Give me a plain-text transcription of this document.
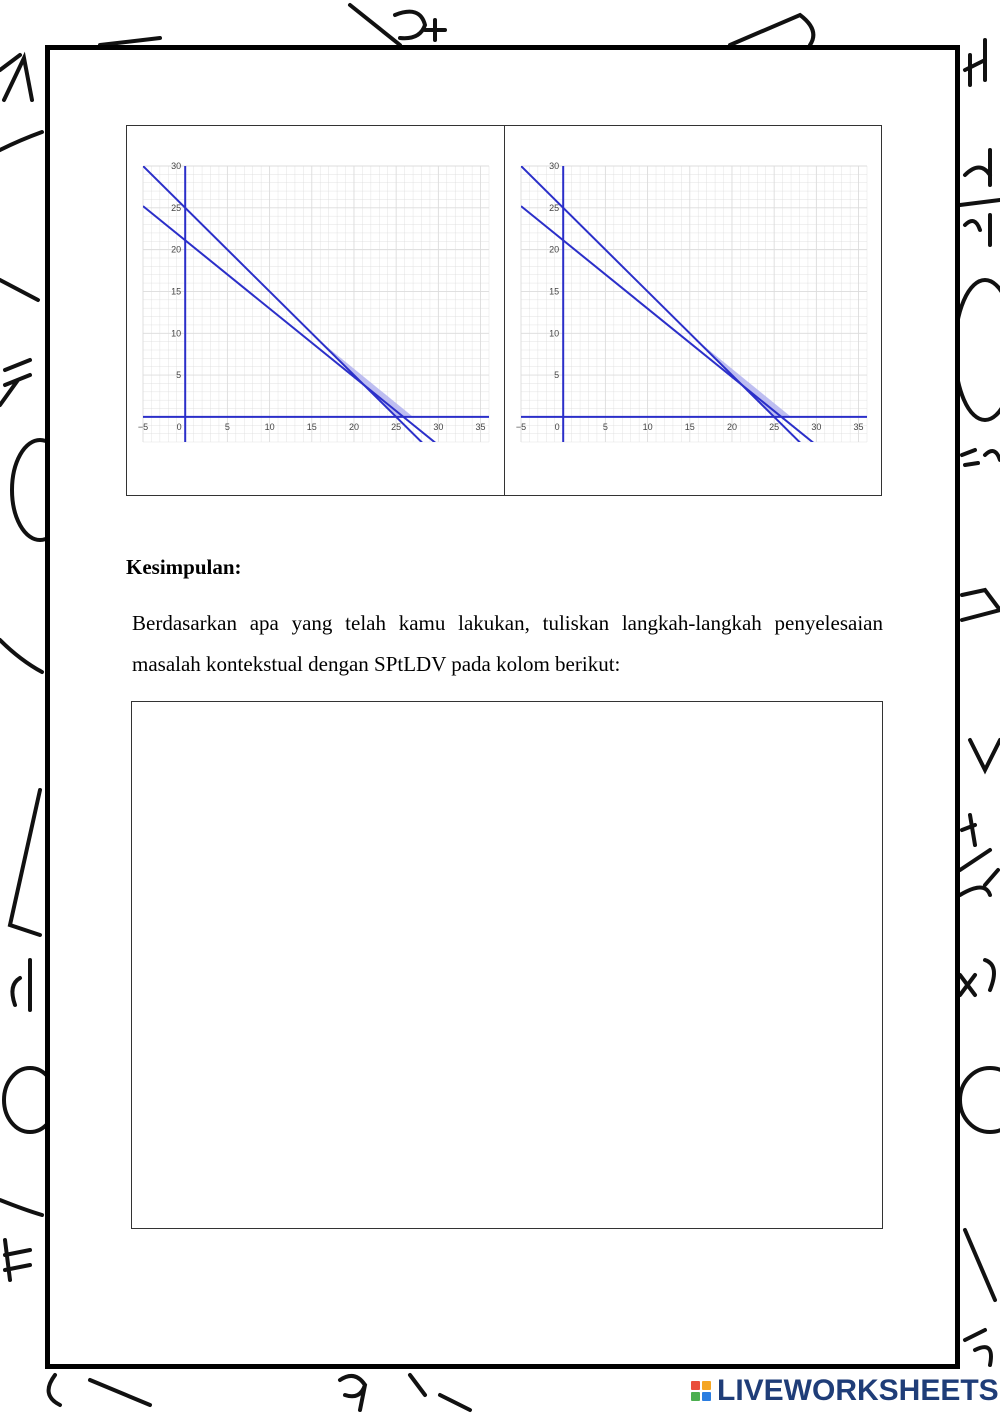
−5	0	5	10	15	20	25	30	35
5
10
15
20
25
30
−5	0	5	10	15	20	25	30	35
5
10
15
20
25
30
Kesimpulan:

Berdasarkan apa yang telah kamu lakukan, tuliskan langkah-langkah penyelesaian masalah kontekstual dengan SPtLDV pada kolom berikut:

LIVEWORKSHEETS
